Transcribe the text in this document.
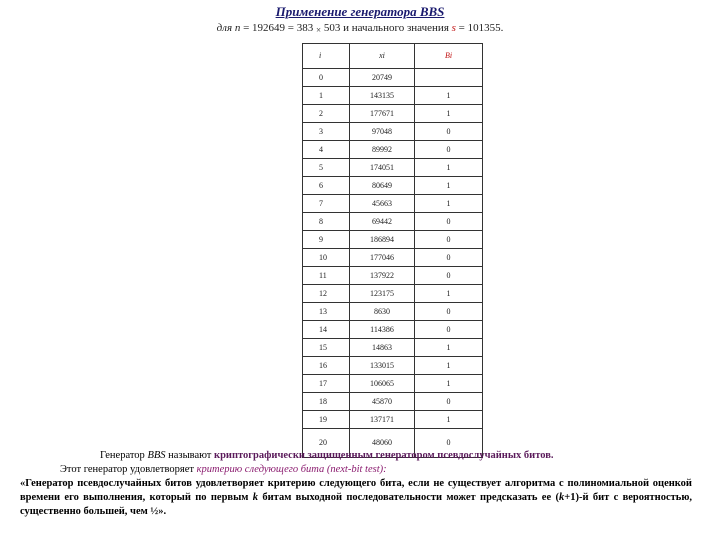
Применение генератора BBS
для n = 192649 = 383 × 503 и начального значения s = 101355.
i	xi	Bi
0	20749	
1	143135	1
2	177671	1
3	97048	0
4	89992	0
5	174051	1
6	80649	1
7	45663	1
8	69442	0
9	186894	0
10	177046	0
11	137922	0
12	123175	1
13	8630	0
14	114386	0
15	14863	1
16	133015	1
17	106065	1
18	45870	0
19	137171	1
20	48060	0
Генератор BBS называют криптографически защищенным генератором псевдослучайных битов.
Этот генератор удовлетворяет критерию следующего бита (next-bit test):
«Генератор псевдослучайных битов удовлетворяет критерию следующего бита, если не существует алгоритма с полиномиальной оценкой времени его выполнения, который по первым k битам выходной последовательности может предсказать ее (k+1)-й бит с вероятностью, существенно большей, чем ½».
